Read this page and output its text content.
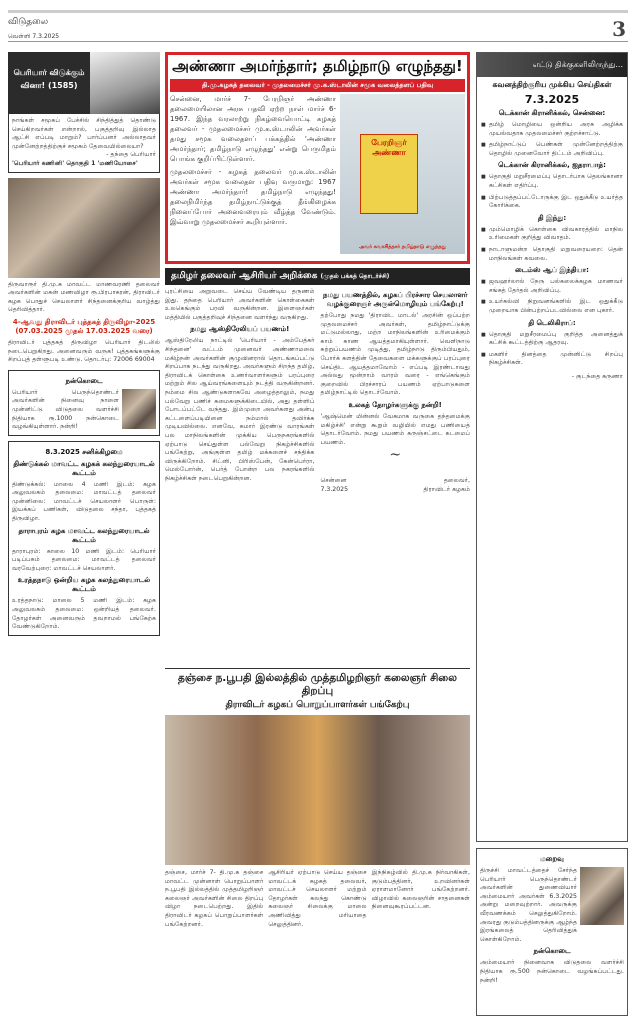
விடுதலை
வெள்ளி 7.3.2025	3
பெரியார் விடுக்கும் வினா! (1585)
நாங்கள் சமூகப் பேச்சில் சிந்தித்துத் தொண்டு செய்கிறவர்கள் என்றால், பகுத்தறிவு இல்லாத ஆட்சி எப்படி மாறும்? பார்ப்பனர் அல்லாதவர் முன்னேற்றத்திற்குச் சமூகம் தேவையில்லையா?
- தந்தை பெரியார்
'பெரியார் கணினி' தொகுதி 1 'மணியோசை'
திருவாரூர் தி.மு.க மாவட்ட மாணவரணி தலைவர் அவர்களின் மகன் மணவிழா ரூ.பிரபாகரன், திராவிடர் கழக பொதுச் செயலாளர் சிந்தனைக்குரிய வாழ்த்து தெரிவித்தார்.
4-ஆவது திராவிடர் புத்தகத் திருவிழா-2025 (07.03.2025 முதல் 17.03.2025 வரை)
திராவிடர் புத்தகத் திருவிழா பெரியார் திடலில் நடைபெறுகிறது. அனைவரும் வருக! புத்தகங்களுக்கு சிறப்புத் தள்ளுபடி உண்டு. தொடர்பு: 72006 69004
நன்கொடை
பெரியார் பெருந்தொண்டர் அவர்களின் நினைவு நாளை முன்னிட்டு விடுதலை வளர்ச்சி நிதியாக ரூ.1000 நன்கொடை வழங்கியுள்ளார். நன்றி!
8.3.2025 சனிக்கிழமை
திண்டுக்கல் மாவட்ட கழகக் கலந்துரையாடல் கூட்டம்
திண்டுக்கல்: மாலை 4 மணி இடம்: கழக அலுவலகம் தலைமை: மாவட்டத் தலைவர் முன்னிலை: மாவட்டச் செயலாளர் பொருள்: இயக்கப் பணிகள், விடுதலை சந்தா, புத்தகத் திருவிழா.
தாராபுரம் கழக மாவட்ட கலந்துரையாடல் கூட்டம்
தாராபுரம்: காலை 10 மணி இடம்: பெரியார் படிப்பகம் தலைமை: மாவட்டத் தலைவர் வரவேற்புரை: மாவட்டச் செயலாளர்.
உரத்தநாடு ஒன்றிய கழக கலந்துரையாடல் கூட்டம்
உரத்தநாடு: மாலை 5 மணி இடம்: கழக அலுவலகம் தலைமை: ஒன்றியத் தலைவர். தோழர்கள் அனைவரும் தவறாமல் பங்கேற்க வேண்டுகிறோம்.
அண்ணா அமர்ந்தார்; தமிழ்நாடு எழுந்தது!
தி.மு.கழகத் தலைவர் - முதலமைச்சர் மு.க.ஸ்டாலின் சமூக வலைத்தளப் பதிவு
சென்னை, மார்ச் 7- பேரறிஞர் அண்ணா தலைமையிலான அரசு பதவி ஏற்ற நாள் மார்ச் 6-1967. இந்த வரலாற்று நிகழ்வையொட்டி கழகத் தலைவர் - முதலமைச்சர் மு.க.ஸ்டாலின் அவர்கள் தமது சமூக வலைதளப் பக்கத்தில் 'அண்ணா அமர்ந்தார்; தமிழ்நாடு எழுந்தது' என்று பெருமிதம் பொங்க குறிப்பிட்டுள்ளார்.
முதலமைச்சர் - கழகத் தலைவர் மு.க.ஸ்டாலின் அவர்கள் சமூக வலைதள பதிவு வருமாறு: 1967 அண்ணா அமர்ந்தார்! தமிழ்நாடு எழுந்தது! தலைநிமிர்ந்த தமிழ்நாட்டுக்குத் தீங்கிழைக்க நினைப்போர் அனைவரையும் வீழ்த்த வேண்டும். இவ்வாறு முதலமைச்சர் கூறியுள்ளார்.
பேரறிஞர் அண்ணா
அவர் சுவாசித்தார் தமிழ்நாடு எழுந்தது
தமிழர் தலைவர் ஆசிரியர் அறிக்கை (முதல் பக்கத் தொடர்ச்சி)
புரட்சியை அறுவடை செய்ய வேண்டிய தருணம் இது. தந்தை பெரியார் அவர்களின் கொள்கைகள் உலகெங்கும் பரவி வருகின்றன. இளைஞர்கள் மத்தியில் பகுத்தறிவுச் சிந்தனை வளர்ந்து வருகிறது.
நமது ஆஸ்திரேலியப் பயணம்!
ஆஸ்திரேலிய நாட்டில் 'பெரியார் - அம்பேத்கர் சிந்தனை' வட்டம் முனைவர் அண்ணாமலை மகிழ்நன் அவர்களின் குழுவினரால் தொடங்கப்பட்டு சிறப்பாக நடந்து வருகிறது. அவர்களும் சிறந்த தமிழ், திராவிடக் கொள்கை உணர்வாளர்களும் பரப்புரை மற்றும் சில ஆய்வரங்களையும் நடத்தி வருகின்றனர். நம்மை சில ஆண்டுகளாகவே அழைத்தாலும், நமது பல்வேறு பணிச் சுமைகளுக்கிடையில், அது தள்ளிப் போடப்பட்டே வந்தது. இம்முறை அவர்களது அன்பு கட்டளைப்படியினை நம்மால் தவிர்க்க முடியவில்லை. எனவே, சுமார் இரண்டு வாரங்கள் பல மாநிலங்களின் முக்கிய பெருநகரங்களில் ஏற்பாடு செய்துள்ள பல்வேறு நிகழ்ச்சிகளில் பங்கேற்று, அங்குள்ள தமிழ் மக்களைச் சந்திக்க விருக்கிறோம். சிட்னி, பிரிஸ்பேன், கேன்பெர்ரா, மெல்போர்ன், பெர்த் போன்ற பல நகரங்களில் நிகழ்ச்சிகள் நடைபெறுகின்றன.
நமது பயணத்தில், கழகப் பிரச்சார செயலாளர் வழக்குரைஞர் அருள்மொழியும் பங்கேற்பு!
தற்போது நமது 'திராவிட மாடல்' அரசின் ஒப்பற்ற முதலமைச்சர் அவர்கள், தமிழ்நாட்டுக்கு மட்டுமல்லாது, மற்ற மாநிலங்களின் உரிமைக்கும் காம் காண ஆயத்தமாகியுள்ளார். வெளிநாடு சுற்றுப்பயணம் முடித்து, தமிழ்நாடு திரும்பியதும், போர்க் களத்தின் தேவைகளை மக்களுக்குப் பரப்புரை செய்திட ஆயத்தமாவோம் - எப்படி இரண்டாவது அல்லது மூன்றாம் வாரம் வரை - எங்கெங்கும் குறைவில் பிரச்சாரப் பயணம் ஏற்பாடுகளை தமிழ்நாட்டில் தொடர்வோம்.
உலகத் தோழர்களுக்கு நன்றி!
'ஆஷ்மென் மின்னல் வேகமாக வருகை தந்தமைக்கு மகிழ்ச்சி' என்று கூறும் வழியில் எமது பணியைத் தொடர்வோம். நமது பயணம் கருஞ்சட்டை கடமைப் பயணம்.
~
சென்னை
7.3.2025
தலைவர்,
திராவிடர் கழகம்
தஞ்சை ந.பூபதி இல்லத்தில் முத்தமிழறிஞர் கலைஞர் சிலை திறப்பு
திராவிடர் கழகப் பொறுப்பாளர்கள் பங்கேற்பு
தஞ்சை, மார்ச் 7- தி.மு.க தஞ்சை மாவட்ட முன்னாள் பொறுப்பாளர் ந.பூபதி இல்லத்தில் முத்தமிழறிஞர் கலைஞர் அவர்களின் சிலை திறப்பு விழா நடைபெற்றது. இதில் திராவிடர் கழகப் பொறுப்பாளர்கள் பங்கேற்றனர்.
ஆசிரியர் ஏற்பாடு செய்ய தஞ்சை மாவட்டக் கழகத் தலைவர், மாவட்டச் செயலாளர் மற்றும் தோழர்கள் கலந்து கொண்டு கலைஞர் சிலைக்கு மாலை அணிவித்து மரியாதை செலுத்தினர்.
இந்நிகழ்வில் தி.மு.க நிர்வாகிகள், குடும்பத்தினர், உறவினர்கள் ஏராளமானோர் பங்கேற்றனர். விழாவில் கலைஞரின் சாதனைகள் நினைவுகூரப்பட்டன.
எட்டு திக்குகளிலிருந்து...
கவனத்திற்குரிய முக்கிய செய்திகள்
7.3.2025
டெக்கான் கிரானிக்கல், சென்னை:
■ தமிழ் மொழியை ஒன்றிய அரசு அழிக்க முயல்வதாக முதலமைச்சர் குற்றச்சாட்டு.
■ தமிழ்நாட்டுப் பெண்கள் முன்னேற்றத்திற்கு தொழில் முனைவோர் திட்டம் அறிவிப்பு.
டெக்கான் கிரானிக்கல், ஐதராபாத்:
■ தொகுதி மறுசீரமைப்பு தொடர்பாக தெலங்கானா கட்சிகள் எதிர்ப்பு.
■ பிற்படுத்தப்பட்டோருக்கு இட ஒதுக்கீடு உயர்த்த கோரிக்கை.
தி இந்து:
■ மும்மொழிக் கொள்கை விவகாரத்தில் மாநில உரிமைகள் குறித்து விவாதம்.
■ நாடாளுமன்ற தொகுதி மறுவரையறை: தென் மாநிலங்கள் கவலை.
டைம்ஸ் ஆப் இந்தியா:
■ ஜவஹர்லால் நேரு பல்கலைக்கழக மாணவர் சங்கத் தேர்தல் அறிவிப்பு.
■ உயர்கல்வி நிறுவனங்களில் இட ஒதுக்கீடு முறையாக பின்பற்றப்படவில்லை என புகார்.
தி டெலிகிராப்:
■ தொகுதி மறுசீரமைப்பு குறித்த அனைத்துக் கட்சிக் கூட்டத்திற்கு ஆதரவு.
■ மகளிர் தினத்தை முன்னிட்டு சிறப்பு நிகழ்ச்சிகள்.
- குடந்தை கருணா
மறைவு
திருச்சி மாவட்டத்தைச் சேர்ந்த பெரியார் பெருந்தொண்டர் அவர்களின் துணைவியார் அம்மையார் அவர்கள் 6.3.2025 அன்று மறைவுற்றார். அவருக்கு வீரவணக்கம் செலுத்துகிறோம். அவரது குடும்பத்தினருக்கு ஆழ்ந்த இரங்கலைத் தெரிவித்துக் கொள்கிறோம்.
நன்கொடை
அம்மையார் நினைவாக விடுதலை வளர்ச்சி நிதியாக ரூ.500 நன்கொடை வழங்கப்பட்டது. நன்றி!
